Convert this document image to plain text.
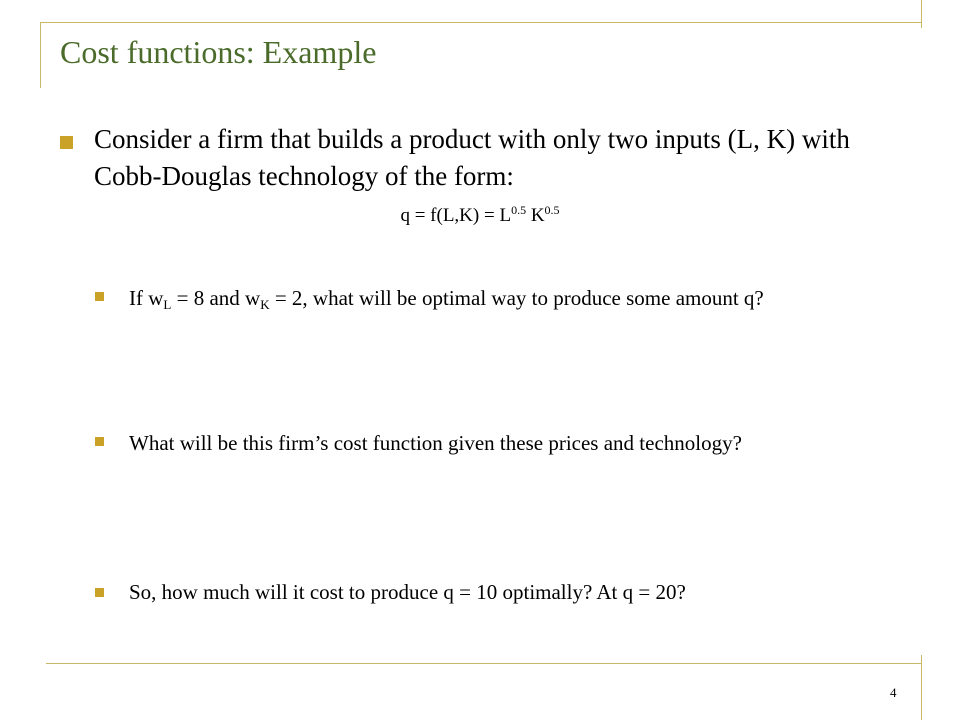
Cost functions: Example
Consider a firm that builds a product with only two inputs (L, K) with Cobb-Douglas technology of the form:
$q = f(L,K) = L^{0.5}$ $K^{0.5}$
If $w_L = 8$ and $w_K = 2$, what will be optimal way to produce some amount q?
What will be this firm’s cost function given these prices and technology?
So, how much will it cost to produce q = 10 optimally? At q = 20?
4
